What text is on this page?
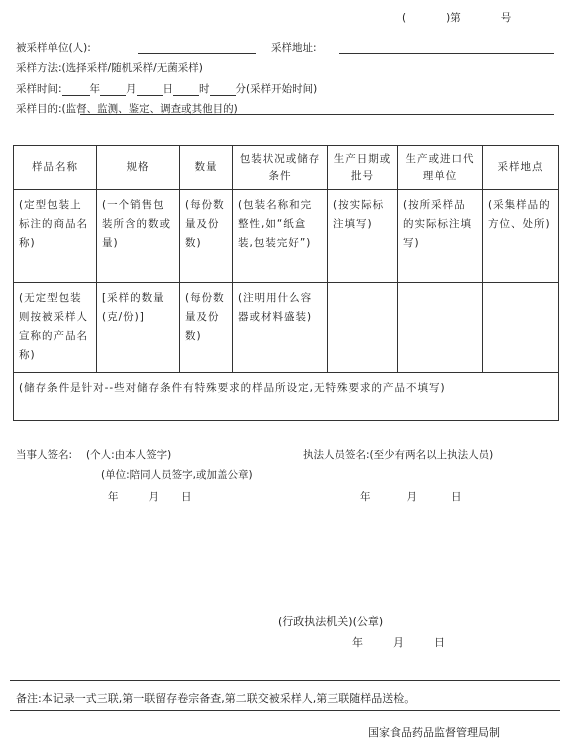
(	)第	号
被采样单位(人):	采样地址:
采样方法:(选择采样/随机采样/无菌采样)
采样时间:	年 月 日 时 分(采样开始时间)
采样目的:(监督、监测、鉴定、调查或其他目的)
样品名称	规格	数量	包装状况或储存条件	生产日期或批号	生产或进口代理单位	采样地点
(定型包装上标注的商品名称)	(一个销售包装所含的数或量)	(每份数量及份数)	(包装名称和完整性,如“纸盒装,包装完好”)	(按实际标注填写)	(按所采样品的实际标注填写)	(采集样品的方位、处所)
(无定型包装则按被采样人宣称的产品名称)	[采样的数量(克/份)]	(每份数量及份数)	(注明用什么容器或材料盛装)			
(储存条件是针对--些对储存条件有特殊要求的样品所设定,无特殊要求的产品不填写)						
当事人签名: (个人:由本人签字)	执法人员签名:(至少有两名以上执法人员)
(单位:陪同人员签字,或加盖公章)
年	月 日	年	月	日
(行政执法机关)(公章)
年	月	日
备注:本记录一式三联,第一联留存卷宗备查,第二联交被采样人,第三联随样品送检。
国家食品药品监督管理局制
